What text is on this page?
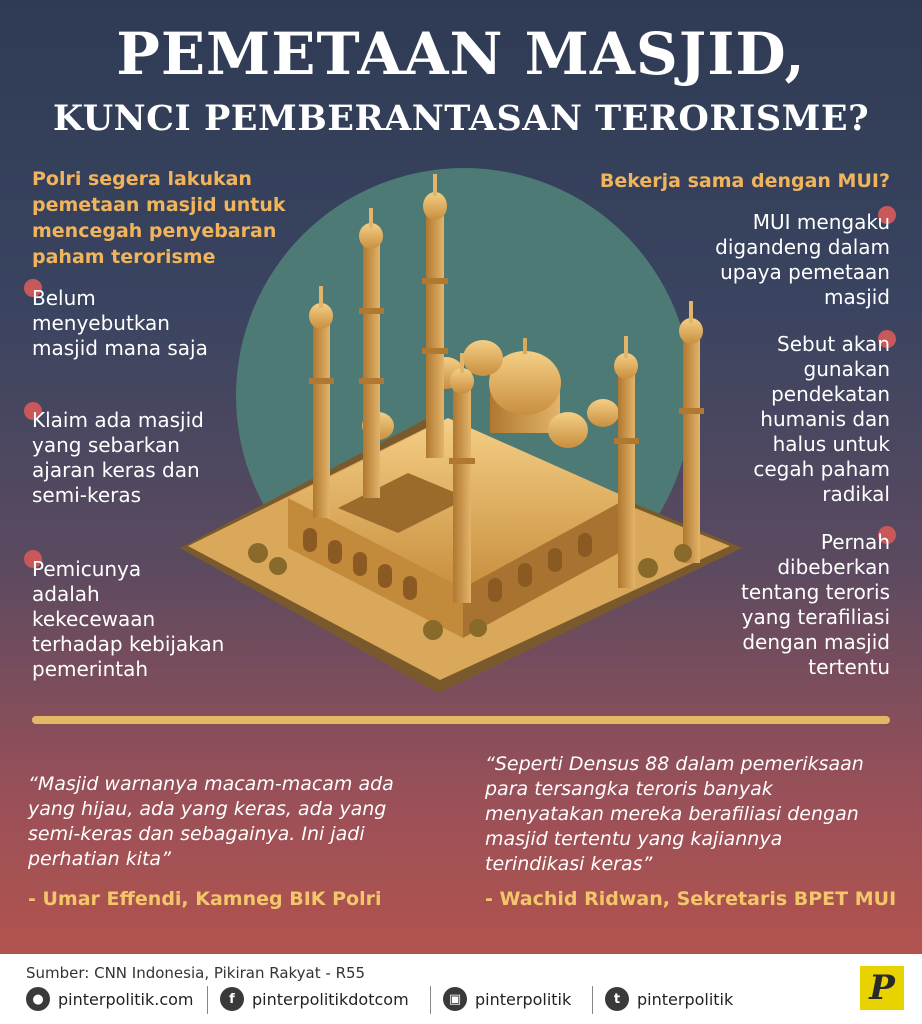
PEMETAAN MASJID,
KUNCI PEMBERANTASAN TERORISME?
Polri segera lakukan
pemetaan masjid untuk
mencegah penyebaran
paham terorisme
Belum
menyebutkan
masjid mana saja
Klaim ada masjid
yang sebarkan
ajaran keras dan
semi-keras
Pemicunya
adalah
kekecewaan
terhadap kebijakan
pemerintah
Bekerja sama dengan MUI?
MUI mengaku
digandeng dalam
upaya pemetaan
masjid
Sebut akan
gunakan
pendekatan
humanis dan
halus untuk
cegah paham
radikal
Pernah
dibeberkan
tentang teroris
yang terafiliasi
dengan masjid
tertentu
“Masjid warnanya macam-macam ada
yang hijau, ada yang keras, ada yang
semi-keras dan sebagainya. Ini jadi
perhatian kita”
- Umar Effendi, Kamneg BIK Polri
“Seperti Densus 88 dalam pemeriksaan
para tersangka teroris banyak
menyatakan mereka berafiliasi dengan
masjid tertentu yang kajiannya
terindikasi keras”
- Wachid Ridwan, Sekretaris BPET MUI
Sumber: CNN Indonesia, Pikiran Rakyat - R55
● pinterpolitik.com	f	pinterpolitikdotcom	▣ pinterpolitik	t	pinterpolitik	P
